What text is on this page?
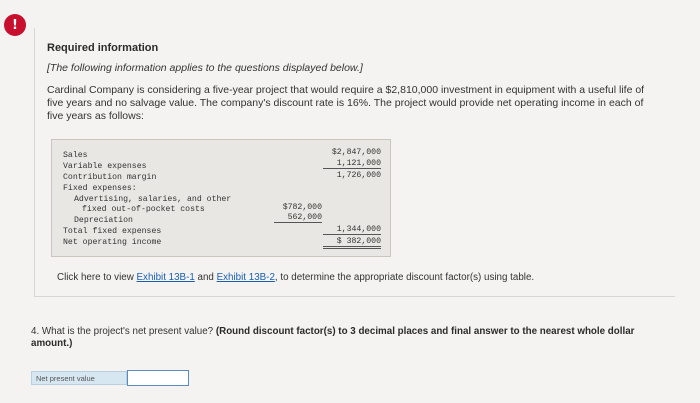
!
Required information
[The following information applies to the questions displayed below.]
Cardinal Company is considering a five-year project that would require a $2,810,000 investment in equipment with a useful life of five years and no salvage value. The company's discount rate is 16%. The project would provide net operating income in each of five years as follows:
Sales
Variable expenses
Contribution margin
Fixed expenses:
Advertising, salaries, and other
fixed out-of-pocket costs
Depreciation
Total fixed expenses
Net operating income
$2,847,000
1,121,000
1,726,000
1,344,000
$ 382,000
$782,000
562,000
Click here to view Exhibit 13B-1 and Exhibit 13B-2, to determine the appropriate discount factor(s) using table.
4. What is the project's net present value? (Round discount factor(s) to 3 decimal places and final answer to the nearest whole dollar amount.)
Net present value
